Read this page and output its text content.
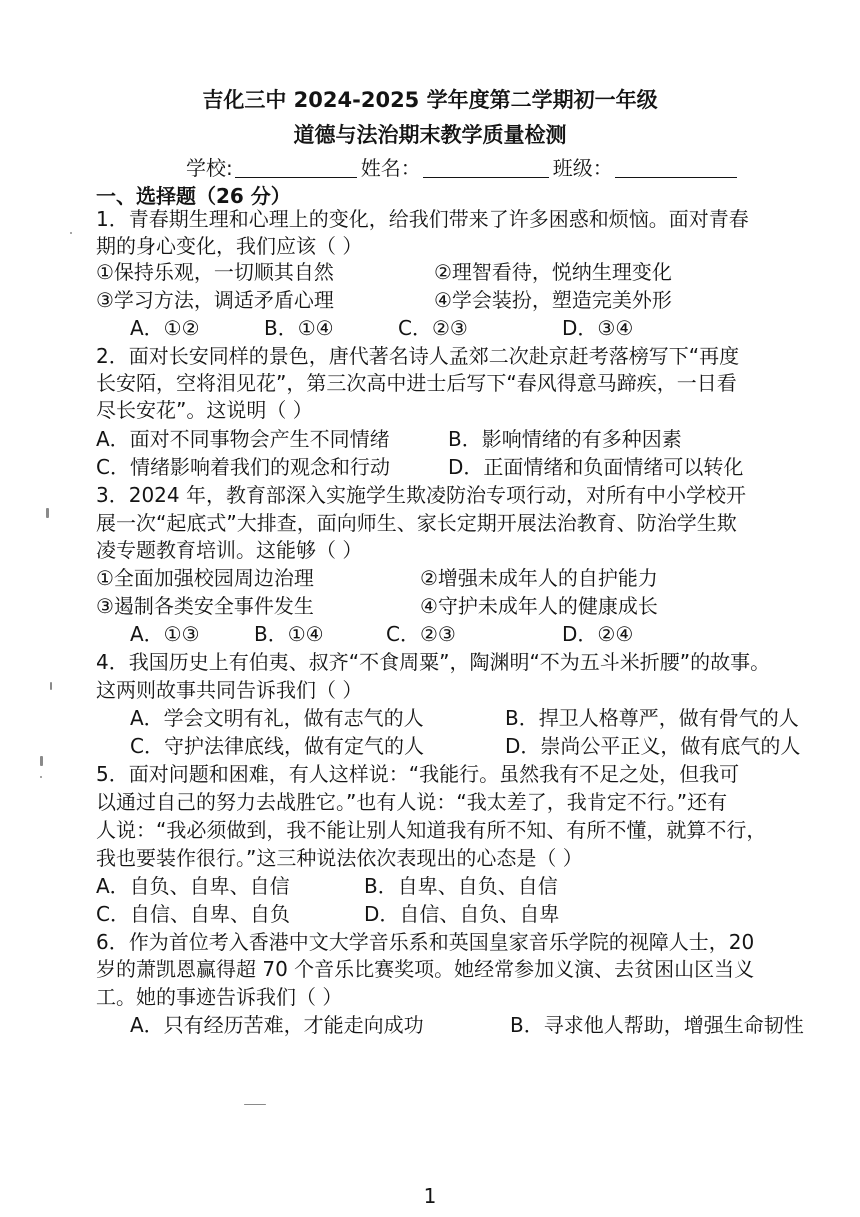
吉化三中 2024-2025 学年度第二学期初一年级
道德与法治期末教学质量检测
学校:	姓名：	班级：
一、选择题（26 分）
1．青春期生理和心理上的变化，给我们带来了许多困惑和烦恼。面对青春
期的身心变化，我们应该（ ）
①保持乐观，一切顺其自然	②理智看待，悦纳生理变化
③学习方法，调适矛盾心理	④学会装扮，塑造完美外形
A．①②	B．①④	C．②③	D．③④
2．面对长安同样的景色，唐代著名诗人孟郊二次赴京赶考落榜写下“再度
长安陌，空将泪见花”，第三次高中进士后写下“春风得意马蹄疾，一日看
尽长安花”。这说明（ ）
A．面对不同事物会产生不同情绪	B．影响情绪的有多种因素
C．情绪影响着我们的观念和行动	D．正面情绪和负面情绪可以转化
3．2024 年，教育部深入实施学生欺凌防治专项行动，对所有中小学校开
展一次“起底式”大排查，面向师生、家长定期开展法治教育、防治学生欺
凌专题教育培训。这能够（ ）
①全面加强校园周边治理	②增强未成年人的自护能力
③遏制各类安全事件发生	④守护未成年人的健康成长
A．①③	B．①④	C．②③	D．②④
4．我国历史上有伯夷、叔齐“不食周粟”，陶渊明“不为五斗米折腰”的故事。
这两则故事共同告诉我们（ ）
A．学会文明有礼，做有志气的人	B．捍卫人格尊严，做有骨气的人
C．守护法律底线，做有定气的人	D．崇尚公平正义，做有底气的人
5．面对问题和困难，有人这样说：“我能行。虽然我有不足之处，但我可
以通过自己的努力去战胜它。”也有人说：“我太差了，我肯定不行。”还有
人说：“我必须做到，我不能让别人知道我有所不知、有所不懂，就算不行，
我也要装作很行。”这三种说法依次表现出的心态是（ ）
A．自负、自卑、自信	B．自卑、自负、自信
C．自信、自卑、自负	D．自信、自负、自卑
6．作为首位考入香港中文大学音乐系和英国皇家音乐学院的视障人士，20
岁的萧凯恩赢得超 70 个音乐比赛奖项。她经常参加义演、去贫困山区当义
工。她的事迹告诉我们（ ）
A．只有经历苦难，才能走向成功	B．寻求他人帮助，增强生命韧性
1
